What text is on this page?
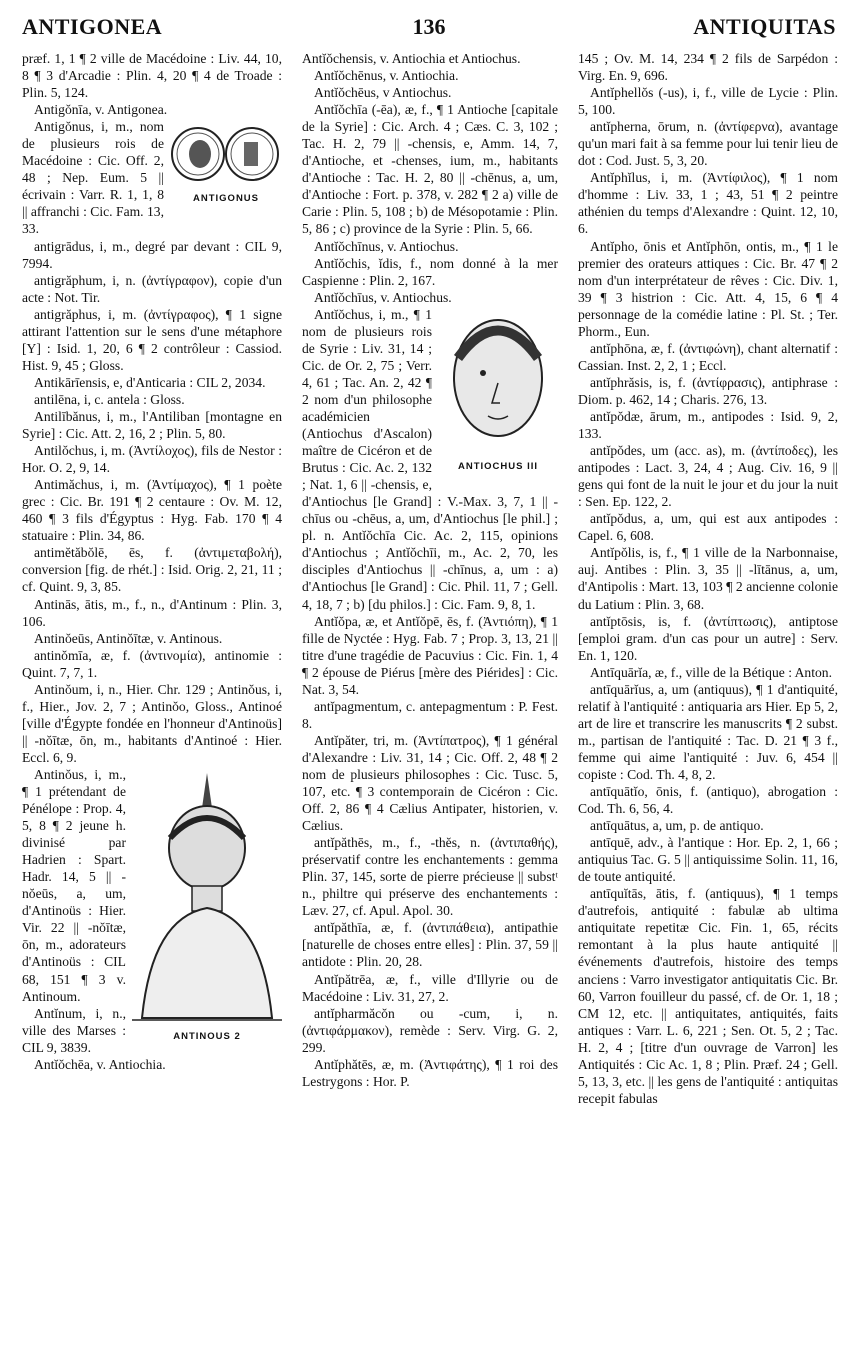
ANTIGONEA	136	ANTIQUITAS
præf. 1, 1 ¶ 2 ville de Macédoine : Liv. 44, 10, 8 ¶ 3 d'Arcadie : Plin. 4, 20 ¶ 4 de Troade : Plin. 5, 124.
Antigŏnīa, v. Antigonea.
ANTIGONUS
Antigŏnus, i, m., nom de plusieurs rois de Macédoine : Cic. Off. 2, 48 ; Nep. Eum. 5 || écrivain : Varr. R. 1, 1, 8 || affranchi : Cic. Fam. 13, 33.
antigrādus, i, m., degré par devant : CIL 9, 7994.
antigrăphum, i, n. (ἀντίγραφον), copie d'un acte : Not. Tir.
antigrăphus, i, m. (ἀντίγραφος), ¶ 1 signe attirant l'attention sur le sens d'une métaphore [Y] : Isid. 1, 20, 6 ¶ 2 contrôleur : Cassiod. Hist. 9, 45 ; Gloss.
Antikārīensis, e, d'Anticaria : CIL 2, 2034.
antilēna, i, c. antela : Gloss.
Antilībănus, i, m., l'Antiliban [montagne en Syrie] : Cic. Att. 2, 16, 2 ; Plin. 5, 80.
Antilŏchus, i, m. (Ἀντίλοχος), fils de Nestor : Hor. O. 2, 9, 14.
Antimăchus, i, m. (Ἀντίμαχος), ¶ 1 poète grec : Cic. Br. 191 ¶ 2 centaure : Ov. M. 12, 460 ¶ 3 fils d'Égyptus : Hyg. Fab. 170 ¶ 4 statuaire : Plin. 34, 86.
antimĕtăbŏlē, ēs, f. (ἀντιμεταβολή), conversion [fig. de rhét.] : Isid. Orig. 2, 21, 11 ; cf. Quint. 9, 3, 85.
Antinās, ātis, m., f., n., d'Antinum : Plin. 3, 106.
Antinŏeūs, Antinŏītæ, v. Antinous.
antinŏmīa, æ, f. (ἀντινομία), antinomie : Quint. 7, 7, 1.
Antinŏum, i, n., Hier. Chr. 129 ; Antinŏus, i, f., Hier., Jov. 2, 7 ; Antinŏo, Gloss., Antinoé [ville d'Égypte fondée en l'honneur d'Antinoüs] || -nŏītæ, ōn, m., habitants d'Antinoé : Hier. Eccl. 6, 9.
ANTINOUS 2
Antinŏus, i, m., ¶ 1 prétendant de Pénélope : Prop. 4, 5, 8 ¶ 2 jeune h. divinisé par Hadrien : Spart. Hadr. 14, 5 || -nŏeūs, a, um, d'Antinoüs : Hier. Vir. 22 || -nŏītæ, ōn, m., adorateurs d'Antinoüs : CIL 68, 151 ¶ 3 v. Antinoum.
Antĭnum, i, n., ville des Marses : CIL 9, 3839.
Antĭŏchēa, v. Antiochia.
Antĭŏchensis, v. Antiochia et Antiochus.
Antĭŏchēnus, v. Antiochia.
Antĭŏchēus, v Antiochus.
Antĭŏchīa (-ēa), æ, f., ¶ 1 Antioche [capitale de la Syrie] : Cic. Arch. 4 ; Cæs. C. 3, 102 ; Tac. H. 2, 79 || -chensis, e, Amm. 14, 7, d'Antioche, et -chenses, ium, m., habitants d'Antioche : Tac. H. 2, 80 || -chēnus, a, um, d'Antioche : Fort. p. 378, v. 282 ¶ 2 a) ville de Carie : Plin. 5, 108 ; b) de Mésopotamie : Plin. 5, 86 ; c) province de la Syrie : Plin. 5, 66.
Antĭŏchīnus, v. Antiochus.
Antĭŏchis, ĭdis, f., nom donné à la mer Caspienne : Plin. 2, 167.
Antĭŏchīus, v. Antiochus.
ANTIOCHUS III
Antĭŏchus, i, m., ¶ 1 nom de plusieurs rois de Syrie : Liv. 31, 14 ; Cic. de Or. 2, 75 ; Verr. 4, 61 ; Tac. An. 2, 42 ¶ 2 nom d'un philosophe académicien (Antiochus d'Ascalon) maître de Cicéron et de Brutus : Cic. Ac. 2, 132 ; Nat. 1, 6 || -chensis, e, d'Antiochus [le Grand] : V.-Max. 3, 7, 1 || -chīus ou -chēus, a, um, d'Antiochus [le phil.] ; pl. n. Antĭŏchīa Cic. Ac. 2, 115, opinions d'Antiochus ; Antĭŏchīi, m., Ac. 2, 70, les disciples d'Antiochus || -chīnus, a, um : a) d'Antiochus [le Grand] : Cic. Phil. 11, 7 ; Gell. 4, 18, 7 ; b) [du philos.] : Cic. Fam. 9, 8, 1.
Antĭŏpa, æ, et Antĭŏpē, ēs, f. (Ἀντιόπη), ¶ 1 fille de Nyctée : Hyg. Fab. 7 ; Prop. 3, 13, 21 || titre d'une tragédie de Pacuvius : Cic. Fin. 1, 4 ¶ 2 épouse de Piérus [mère des Piérides] : Cic. Nat. 3, 54.
antĭpagmentum, c. antepagmentum : P. Fest. 8.
Antĭpăter, tri, m. (Ἀντίπατρος), ¶ 1 général d'Alexandre : Liv. 31, 14 ; Cic. Off. 2, 48 ¶ 2 nom de plusieurs philosophes : Cic. Tusc. 5, 107, etc. ¶ 3 contemporain de Cicéron : Cic. Off. 2, 86 ¶ 4 Cælius Antipater, historien, v. Cælius.
antĭpăthēs, m., f., -thĕs, n. (ἀντιπαθής), préservatif contre les enchantements : gemma Plin. 37, 145, sorte de pierre précieuse || substᵗ n., philtre qui préserve des enchantements : Læv. 27, cf. Apul. Apol. 30.
antĭpăthīa, æ, f. (ἀντιπάθεια), antipathie [naturelle de choses entre elles] : Plin. 37, 59 || antidote : Plin. 20, 28.
Antĭpătrēa, æ, f., ville d'Illyrie ou de Macédoine : Liv. 31, 27, 2.
antĭpharmăcŏn ou -cum, i, n. (ἀντιφάρμακον), remède : Serv. Virg. G. 2, 299.
Antĭphătēs, æ, m. (Ἀντιφάτης), ¶ 1 roi des Lestrygons : Hor. P.
145 ; Ov. M. 14, 234 ¶ 2 fils de Sarpédon : Virg. En. 9, 696.
Antĭphellŏs (-us), i, f., ville de Lycie : Plin. 5, 100.
antĭpherna, ōrum, n. (ἀντίφερνα), avantage qu'un mari fait à sa femme pour lui tenir lieu de dot : Cod. Just. 5, 3, 20.
Antĭphĭlus, i, m. (Ἀντίφιλος), ¶ 1 nom d'homme : Liv. 33, 1 ; 43, 51 ¶ 2 peintre athénien du temps d'Alexandre : Quint. 12, 10, 6.
Antĭpho, ōnis et Antĭphōn, ontis, m., ¶ 1 le premier des orateurs attiques : Cic. Br. 47 ¶ 2 nom d'un interprétateur de rêves : Cic. Div. 1, 39 ¶ 3 histrion : Cic. Att. 4, 15, 6 ¶ 4 personnage de la comédie latine : Pl. St. ; Ter. Phorm., Eun.
antĭphōna, æ, f. (ἀντιφώνη), chant alternatif : Cassian. Inst. 2, 2, 1 ; Eccl.
antĭphrăsis, is, f. (ἀντίφρασις), antiphrase : Diom. p. 462, 14 ; Charis. 276, 13.
antĭpŏdæ, ārum, m., antipodes : Isid. 9, 2, 133.
antĭpŏdes, um (acc. as), m. (ἀντίποδες), les antipodes : Lact. 3, 24, 4 ; Aug. Civ. 16, 9 || gens qui font de la nuit le jour et du jour la nuit : Sen. Ep. 122, 2.
antĭpŏdus, a, um, qui est aux antipodes : Capel. 6, 608.
Antĭpŏlis, is, f., ¶ 1 ville de la Narbonnaise, auj. Antibes : Plin. 3, 35 || -lītānus, a, um, d'Antipolis : Mart. 13, 103 ¶ 2 ancienne colonie du Latium : Plin. 3, 68.
antĭptōsis, is, f. (ἀντίπτωσις), antiptose [emploi gram. d'un cas pour un autre] : Serv. En. 1, 120.
Antīquārĭa, æ, f., ville de la Bétique : Anton.
antīquārĭus, a, um (antiquus), ¶ 1 d'antiquité, relatif à l'antiquité : antiquaria ars Hier. Ep 5, 2, art de lire et transcrire les manuscrits ¶ 2 subst. m., partisan de l'antiquité : Tac. D. 21 ¶ 3 f., femme qui aime l'antiquité : Juv. 6, 454 || copiste : Cod. Th. 4, 8, 2.
antīquātĭo, ōnis, f. (antiquo), abrogation : Cod. Th. 6, 56, 4.
antīquātus, a, um, p. de antiquo.
antīquē, adv., à l'antique : Hor. Ep. 2, 1, 66 ; antiquius Tac. G. 5 || antiquissime Solin. 11, 16, de toute antiquité.
antīquĭtās, ātis, f. (antiquus), ¶ 1 temps d'autrefois, antiquité : fabulæ ab ultima antiquitate repetitæ Cic. Fin. 1, 65, récits remontant à la plus haute antiquité || événements d'autrefois, histoire des temps anciens : Varro investigator antiquitatis Cic. Br. 60, Varron fouilleur du passé, cf. de Or. 1, 18 ; CM 12, etc. || antiquitates, antiquités, faits antiques : Varr. L. 6, 221 ; Sen. Ot. 5, 2 ; Tac. H. 2, 4 ; [titre d'un ouvrage de Varron] les Antiquités : Cic Ac. 1, 8 ; Plin. Præf. 24 ; Gell. 5, 13, 3, etc. || les gens de l'antiquité : antiquitas recepit fabulas
